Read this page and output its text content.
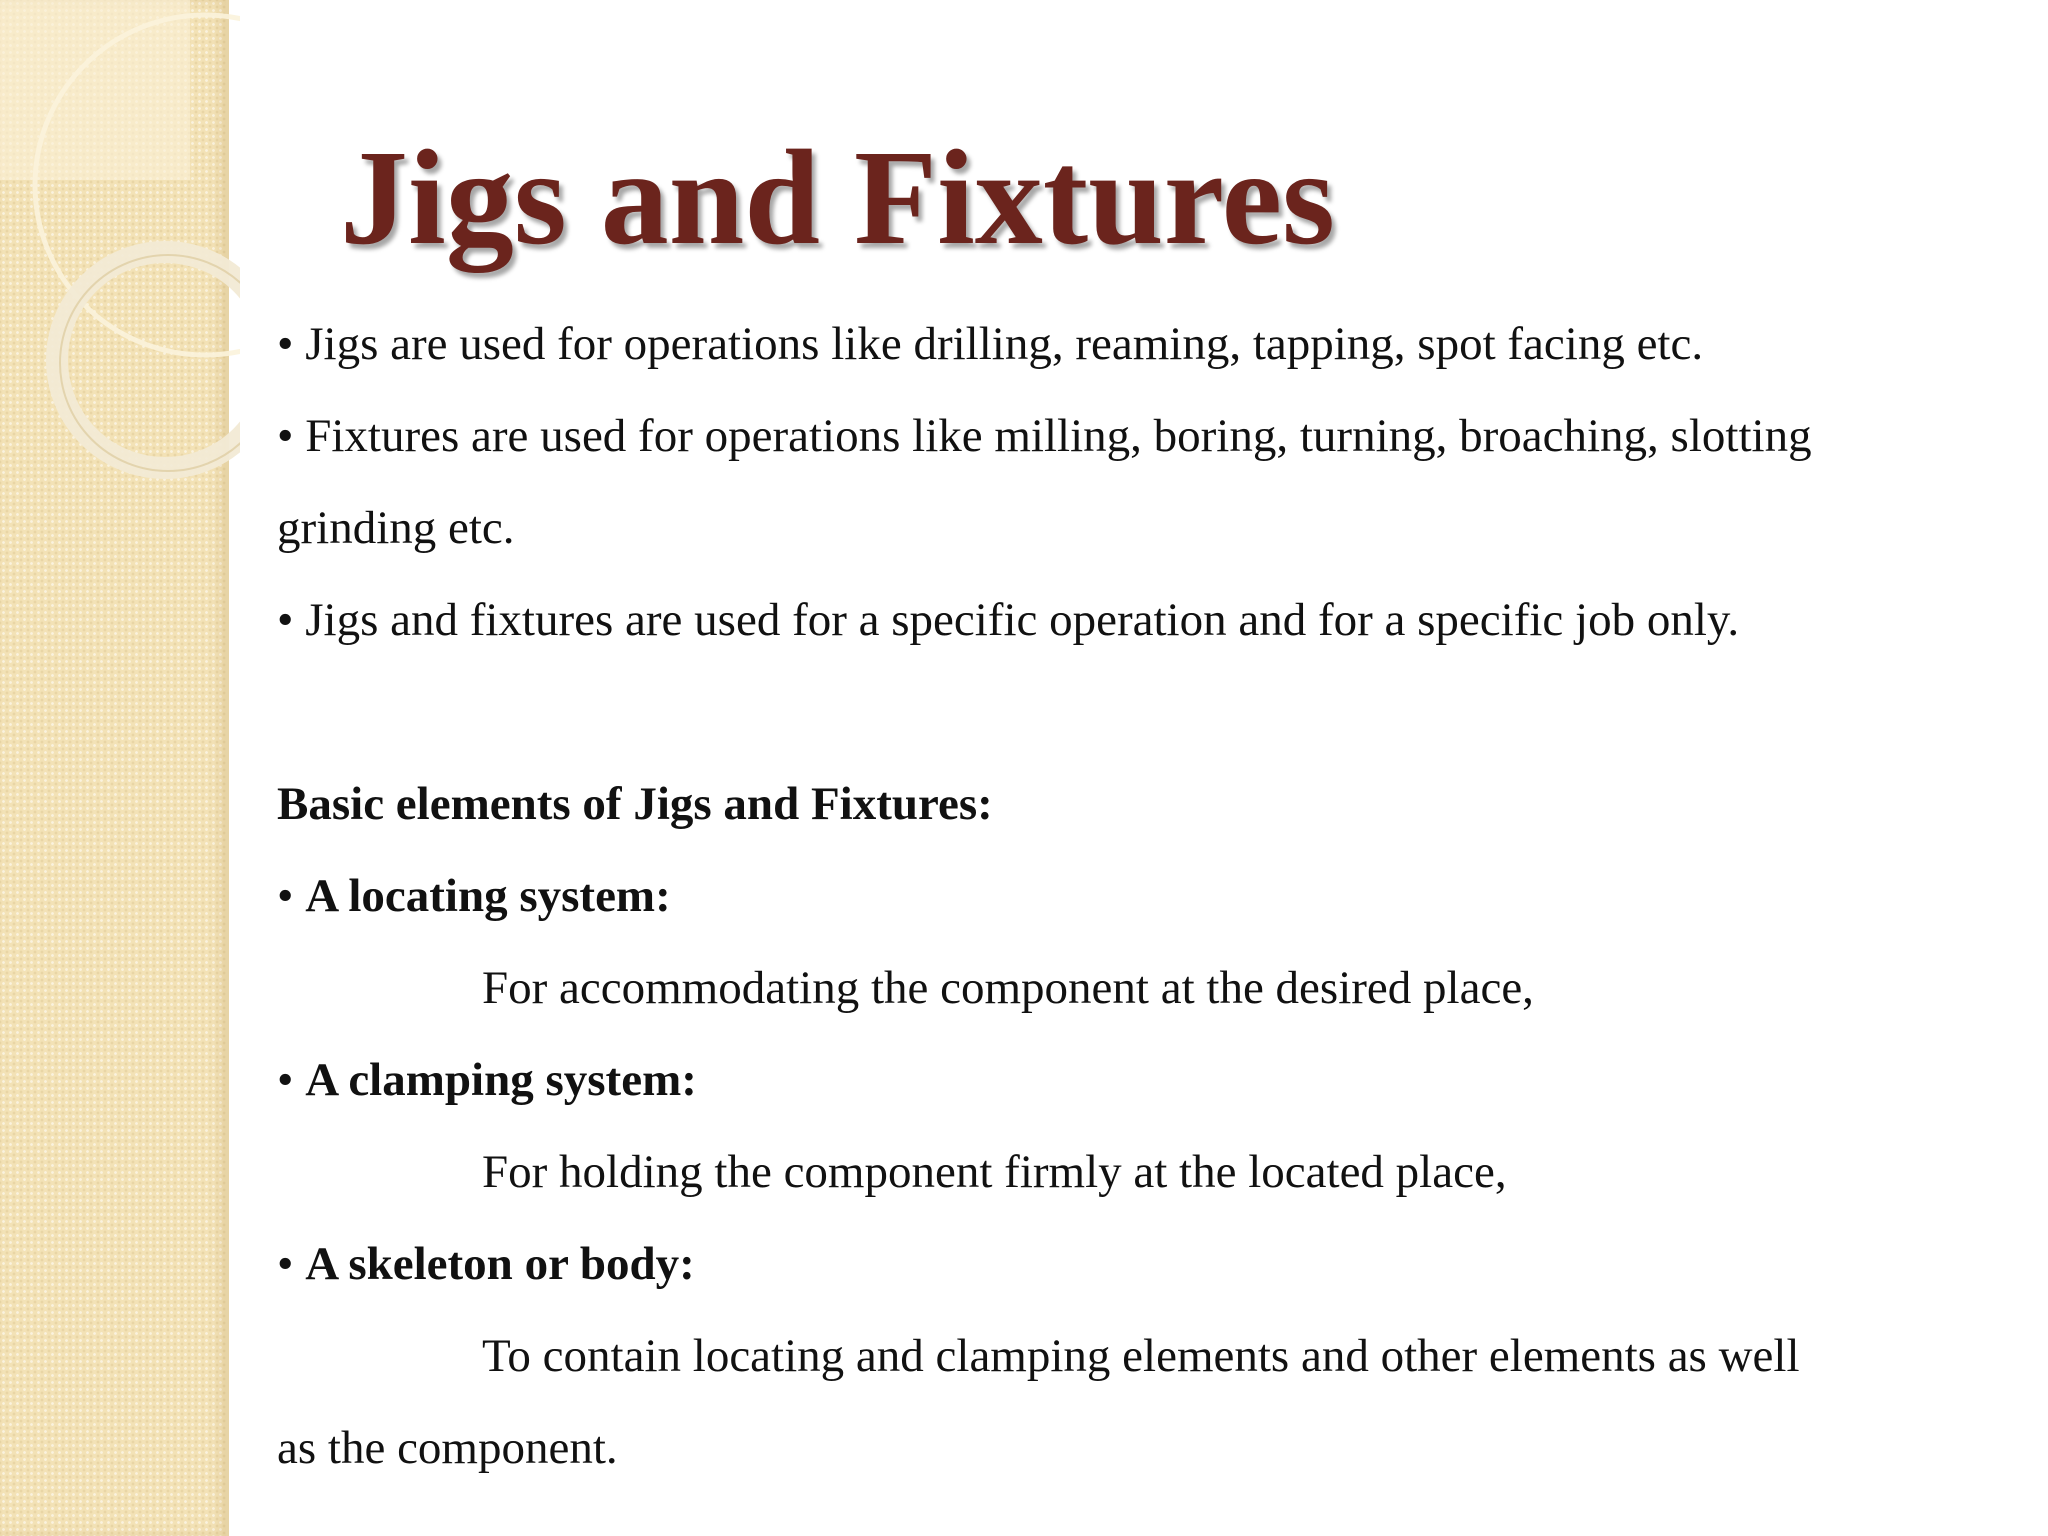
Jigs and Fixtures
• Jigs are used for operations like drilling, reaming, tapping, spot facing etc.
• Fixtures are used for operations like milling, boring, turning, broaching, slotting
grinding etc.
• Jigs and fixtures are used for a specific operation and for a specific job only.
Basic elements of Jigs and Fixtures:
• A locating system:
For accommodating the component at the desired place,
• A clamping system:
For holding the component firmly at the located place,
• A skeleton or body:
To contain locating and clamping elements and other elements as well
as the component.
